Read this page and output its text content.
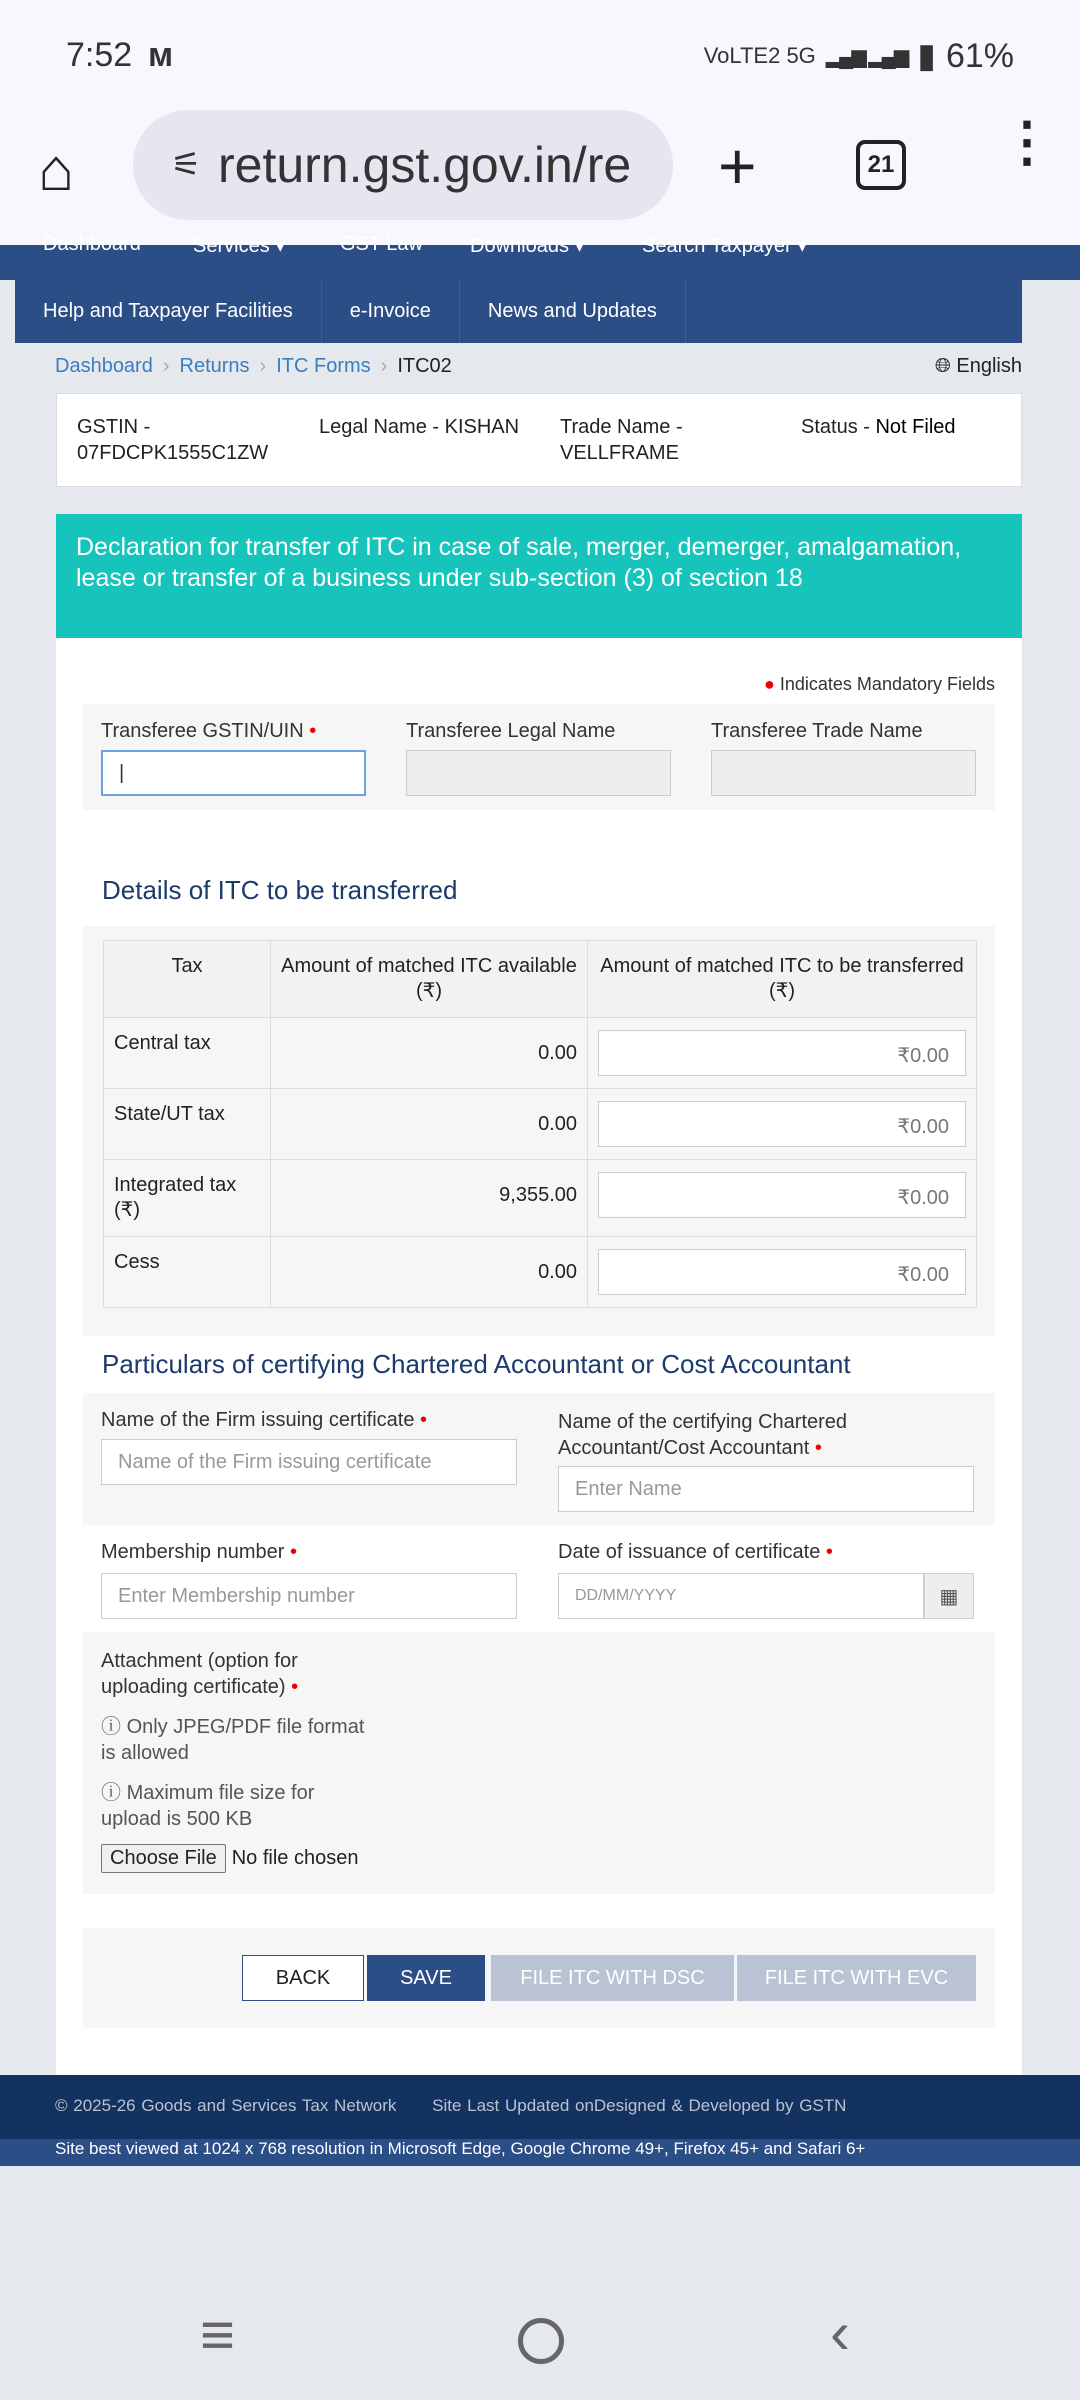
7:52 ᴍ	VoLTE2 5G ▂▄▆ ▂▄▆ ▮ 61%
⌂	⚟ return.gst.gov.in/re +	21 ⋮
Dashboard	Services ▾	GST Law Downloads ▾	Search Taxpayer ▾
Help and Taxpayer Facilities	e-Invoice	News and Updates
Dashboard › Returns › ITC Forms › ITC02	🌐︎ English
GSTIN -
07FDCPK1555C1ZW
Legal Name - KISHAN	Trade Name -
VELLFRAME
Status - Not Filed
Declaration for transfer of ITC in case of sale, merger, demerger, amalgamation, lease or transfer of a business under sub-section (3) of section 18
● Indicates Mandatory Fields
Transferee GSTIN/UIN •
|
Transferee Legal Name	Transferee Trade Name
Details of ITC to be transferred
Tax	Amount of matched ITC available (₹)	Amount of matched ITC to be transferred (₹)
Central tax	0.00	₹0.00

State/UT tax	0.00	₹0.00

Integrated tax (₹)	9,355.00	₹0.00

Cess	0.00	₹0.00
Particulars of certifying Chartered Accountant or Cost Accountant
Name of the Firm issuing certificate •
Name of the Firm issuing certificate
Name of the certifying Chartered Accountant/Cost Accountant •
Enter Name
Membership number •
Enter Membership number
Date of issuance of certificate •
DD/MM/YYYY	▦
Attachment (option for uploading certificate) •
ⓘ Only JPEG/PDF file format is allowed
ⓘ Maximum file size for upload is 500 KB
Choose File No file chosen
BACK	SAVE	FILE ITC WITH DSC	FILE ITC WITH EVC
© 2025-26 Goods and Services Tax Network Site Last Updated onDesigned & Developed by GSTN
Site best viewed at 1024 x 768 resolution in Microsoft Edge, Google Chrome 49+, Firefox 45+ and Safari 6+
≡	‹
